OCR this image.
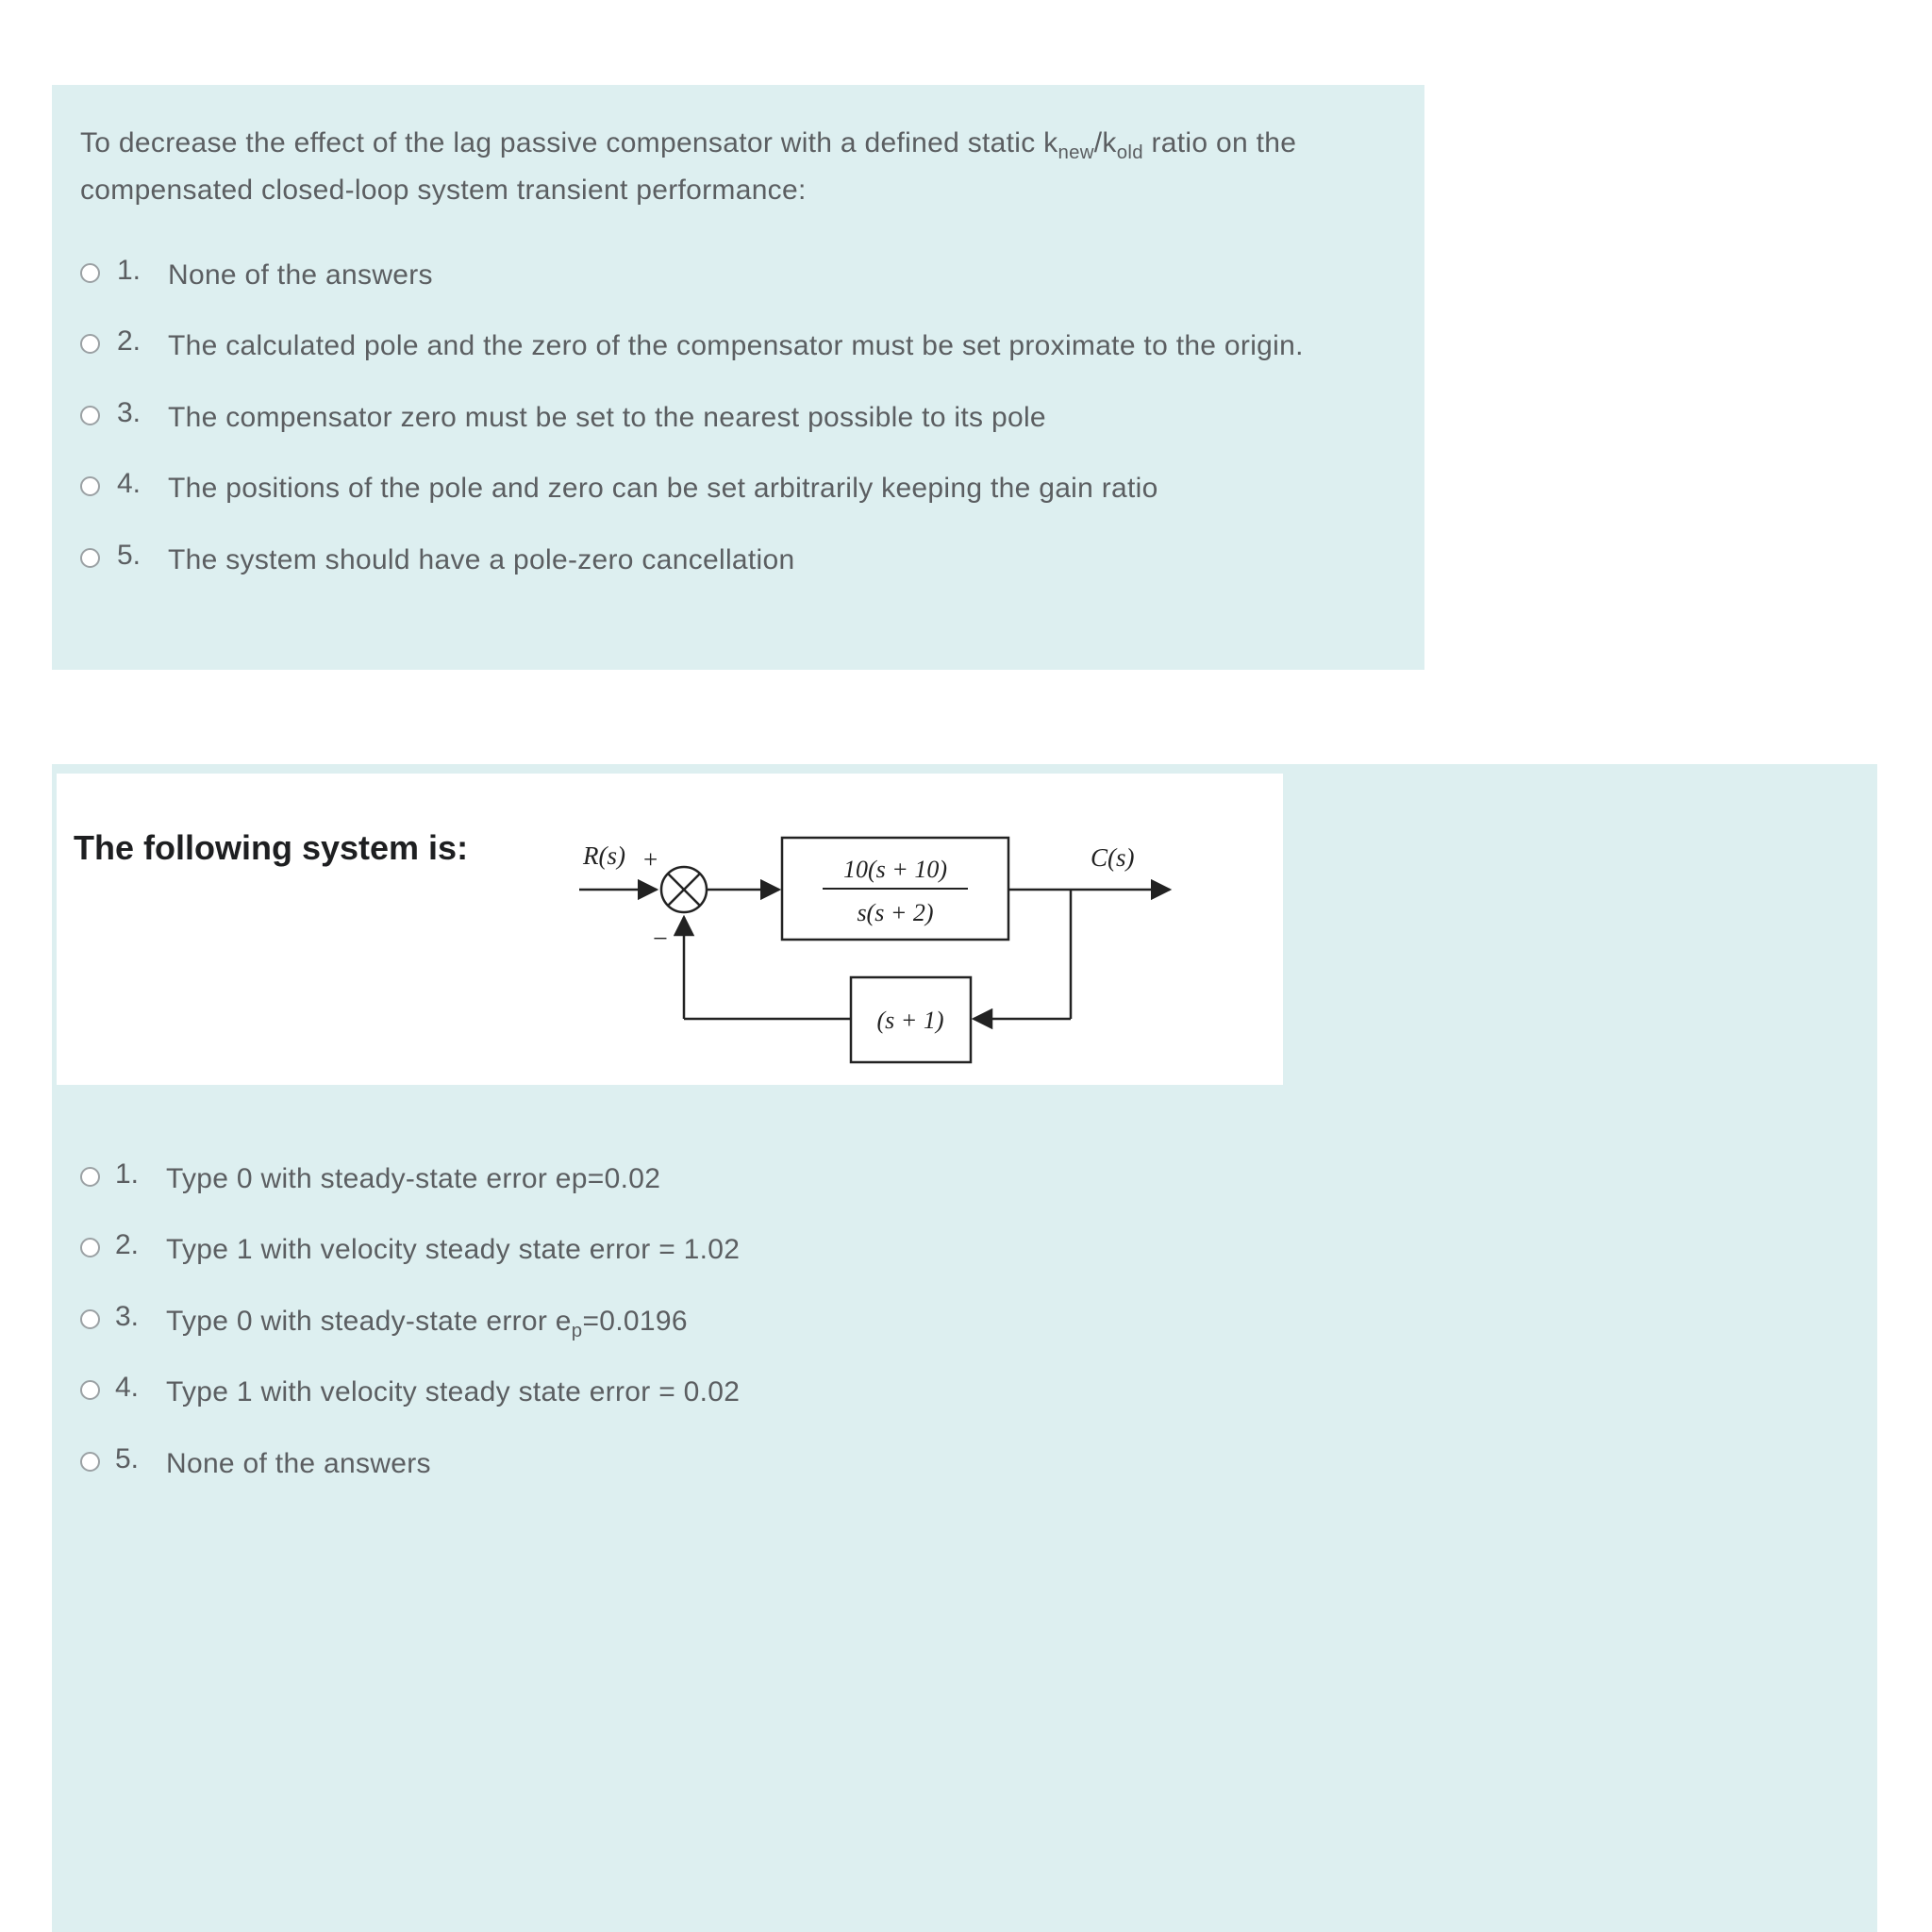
To decrease the effect of the lag passive compensator with a defined static $k_{new}/k_{old}$ ratio on the compensated closed-loop system transient performance:
1. None of the answers
2. The calculated pole and the zero of the compensator must be set proximate to the origin.
3. The compensator zero must be set to the nearest possible to its pole
4. The positions of the pole and zero can be set arbitrarily keeping the gain ratio
5. The system should have a pole-zero cancellation
The following system is:	R(s) +
−
10(s + 10)
s(s + 2)
C(s)
(s + 1)
1. Type 0 with steady-state error ep=0.02
2. Type 1 with velocity steady state error = 1.02
3. Type 0 with steady-state error $e_p=0.0196$
4. Type 1 with velocity steady state error = 0.02
5. None of the answers
